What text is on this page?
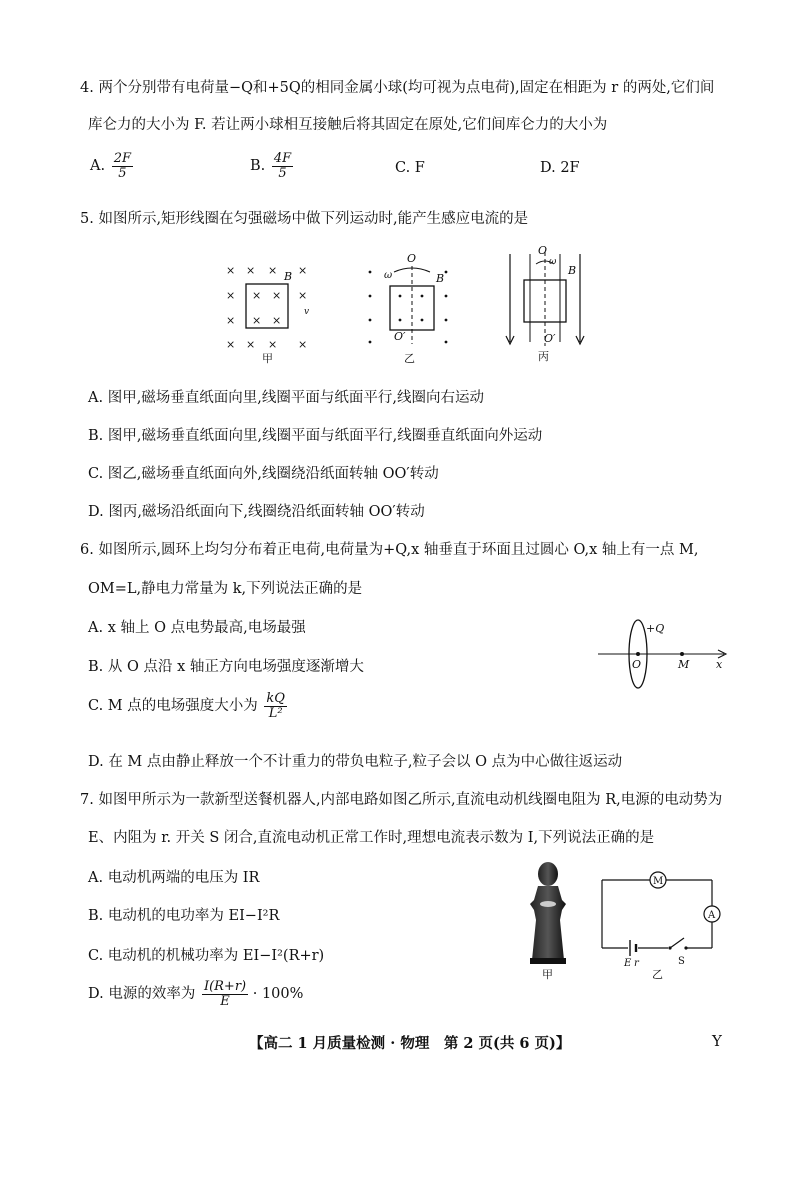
4. 两个分别带有电荷量−Q和+5Q的相同金属小球(均可视为点电荷),固定在相距为 r 的两处,它们间
库仑力的大小为 F. 若让两小球相互接触后将其固定在原处,它们间库仑力的大小为
A. $\frac{2F}{5}$	B. $\frac{4F}{5}$	C. F	D. 2F
5. 如图所示,矩形线圈在匀强磁场中做下列运动时,能产生感应电流的是
× × × ×
× × × ×
× × ×
× × × ×
B
v
甲
O
ω	B
O′
乙
O
ω
B
O′
丙
A. 图甲,磁场垂直纸面向里,线圈平面与纸面平行,线圈向右运动
B. 图甲,磁场垂直纸面向里,线圈平面与纸面平行,线圈垂直纸面向外运动
C. 图乙,磁场垂直纸面向外,线圈绕沿纸面转轴 OO′转动
D. 图丙,磁场沿纸面向下,线圈绕沿纸面转轴 OO′转动
6. 如图所示,圆环上均匀分布着正电荷,电荷量为+Q,x 轴垂直于环面且过圆心 O,x 轴上有一点 M,
OM=L,静电力常量为 k,下列说法正确的是
A. x 轴上 O 点电势最高,电场最强
B. 从 O 点沿 x 轴正方向电场强度逐渐增大
C. M 点的电场强度大小为 $\frac{kQ}{\text{L²}}$
D. 在 M 点由静止释放一个不计重力的带负电粒子,粒子会以 O 点为中心做往返运动
+Q
O	M x
7. 如图甲所示为一款新型送餐机器人,内部电路如图乙所示,直流电动机线圈电阻为 R,电源的电动势为
E、内阻为 r. 开关 S 闭合,直流电动机正常工作时,理想电流表示数为 I,下列说法正确的是
A. 电动机两端的电压为 IR
B. 电动机的电功率为 EI−I²R
C. 电动机的机械功率为 EI−I²(R+r)
D. 电源的效率为 $\frac{I(R+r)}{E} \cdot 100\%$
甲
M
A
E r	S
乙
【高二 1 月质量检测 · 物理　第 2 页(共 6 页)】	Y
